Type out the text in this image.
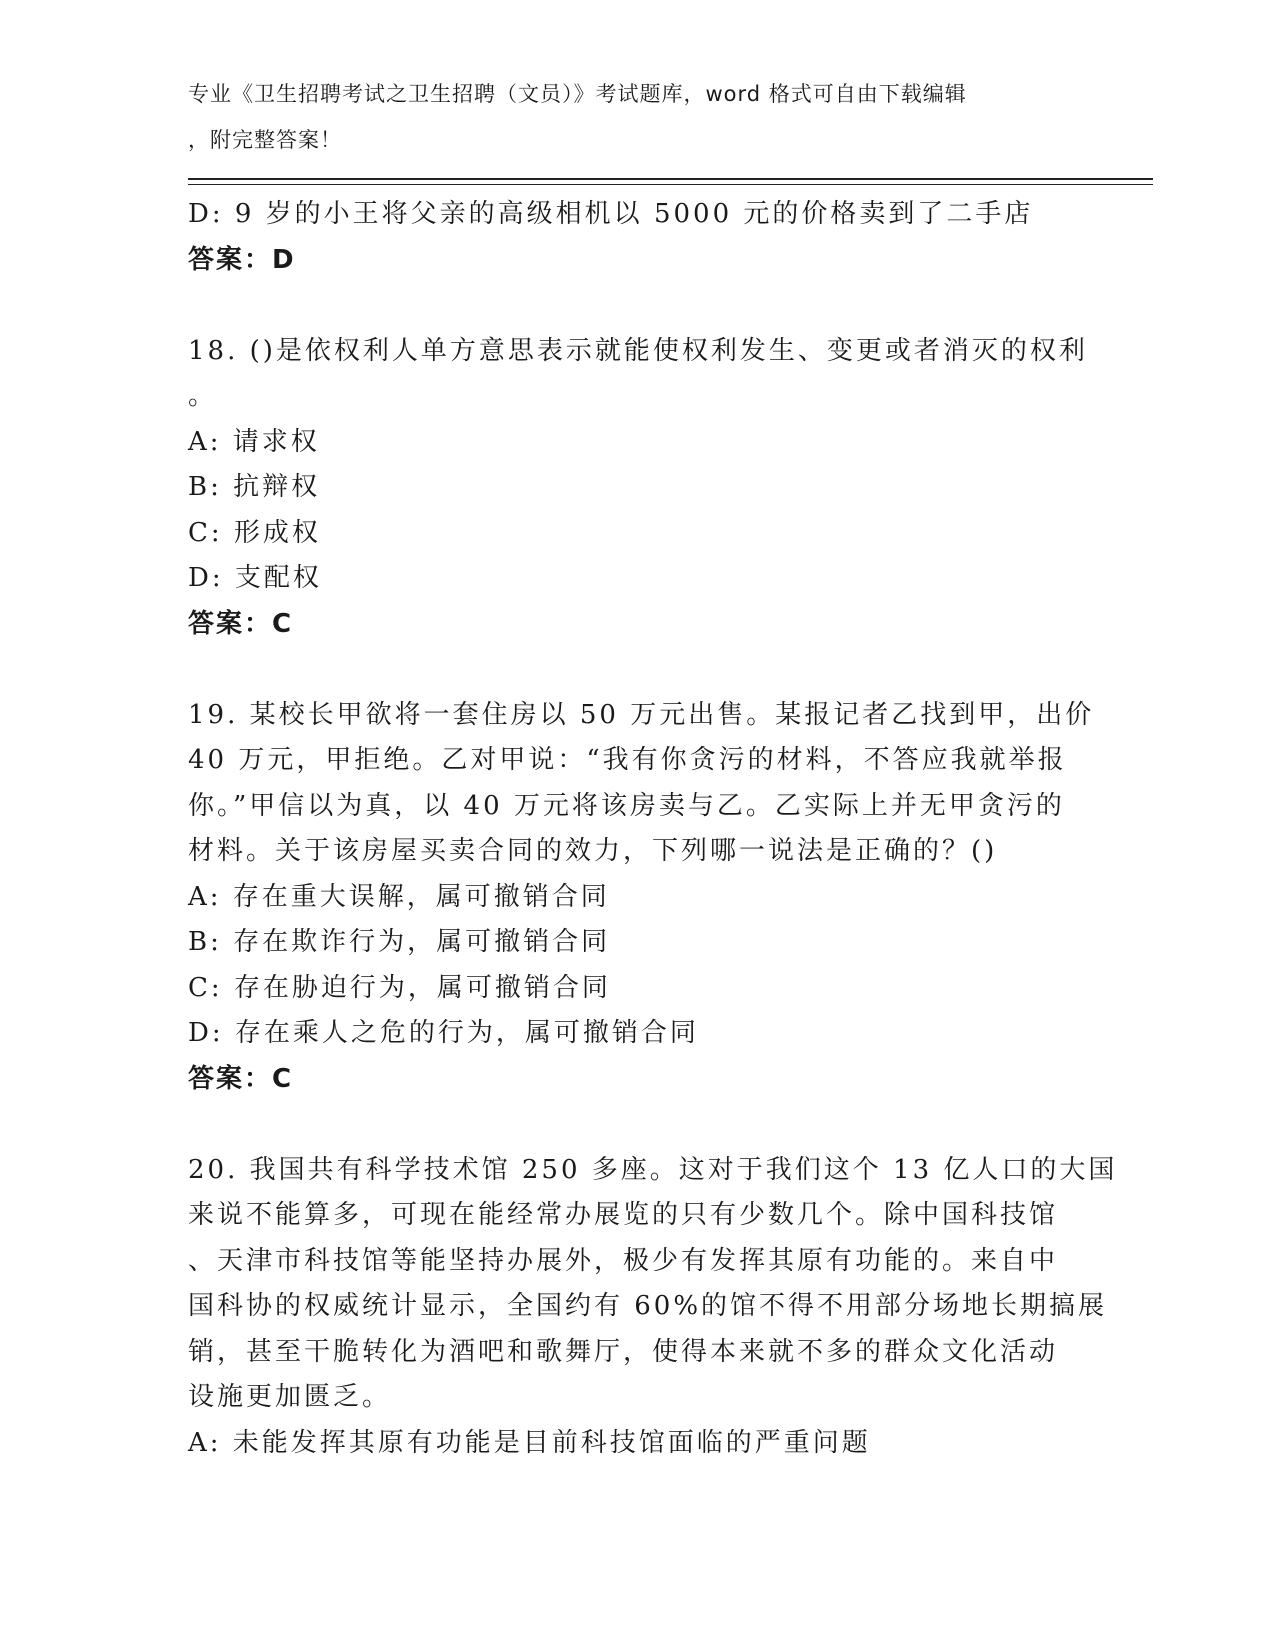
专业《卫生招聘考试之卫生招聘（文员）》考试题库，word 格式可自由下载编辑
，附完整答案！
D: 9 岁的小王将父亲的高级相机以 5000 元的价格卖到了二手店
答案：D
18. ()是依权利人单方意思表示就能使权利发生、变更或者消灭的权利
。
A: 请求权
B: 抗辩权
C: 形成权
D: 支配权
答案：C
19. 某校长甲欲将一套住房以 50 万元出售。某报记者乙找到甲，出价
40 万元，甲拒绝。乙对甲说：“我有你贪污的材料，不答应我就举报
你。”甲信以为真，以 40 万元将该房卖与乙。乙实际上并无甲贪污的
材料。关于该房屋买卖合同的效力，下列哪一说法是正确的？()
A: 存在重大误解，属可撤销合同
B: 存在欺诈行为，属可撤销合同
C: 存在胁迫行为，属可撤销合同
D: 存在乘人之危的行为，属可撤销合同
答案：C
20. 我国共有科学技术馆 250 多座。这对于我们这个 13 亿人口的大国
来说不能算多，可现在能经常办展览的只有少数几个。除中国科技馆
、天津市科技馆等能坚持办展外，极少有发挥其原有功能的。来自中
国科协的权威统计显示，全国约有 60%的馆不得不用部分场地长期搞展
销，甚至干脆转化为酒吧和歌舞厅，使得本来就不多的群众文化活动
设施更加匮乏。
A: 未能发挥其原有功能是目前科技馆面临的严重问题
